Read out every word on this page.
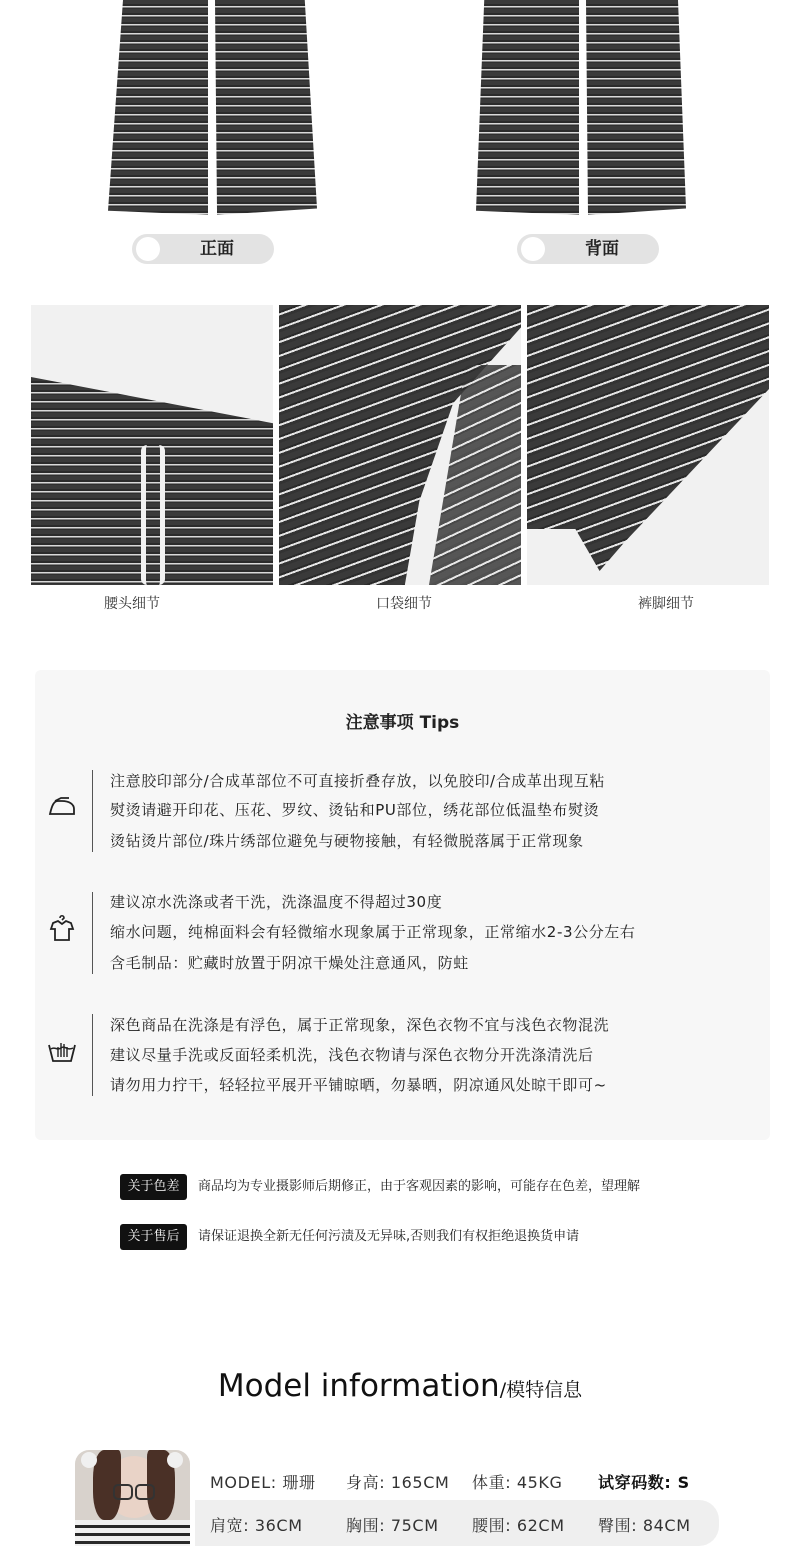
正面	背面
腰头细节	口袋细节	裤脚细节
注意事项 Tips
注意胶印部分/合成革部位不可直接折叠存放，以免胶印/合成革出现互粘
熨烫请避开印花、压花、罗纹、烫钻和PU部位，绣花部位低温垫布熨烫
烫钻烫片部位/珠片绣部位避免与硬物接触，有轻微脱落属于正常现象
建议凉水洗涤或者干洗，洗涤温度不得超过30度
缩水问题，纯棉面料会有轻微缩水现象属于正常现象，正常缩水2-3公分左右
含毛制品：贮藏时放置于阴凉干燥处注意通风，防蛀
深色商品在洗涤是有浮色，属于正常现象，深色衣物不宜与浅色衣物混洗
建议尽量手洗或反面轻柔机洗，浅色衣物请与深色衣物分开洗涤清洗后
请勿用力拧干，轻轻拉平展开平铺晾晒，勿暴晒，阴凉通风处晾干即可~
关于色差	商品均为专业摄影师后期修正，由于客观因素的影响，可能存在色差，望理解
关于售后	请保证退换全新无任何污渍及无异味,否则我们有权拒绝退换货申请
Model information/模特信息
MODEL: 珊珊 身高: 165CM 体重: 45KG 试穿码数: S
肩宽: 36CM	胸围: 75CM 腰围: 62CM 臀围: 84CM
